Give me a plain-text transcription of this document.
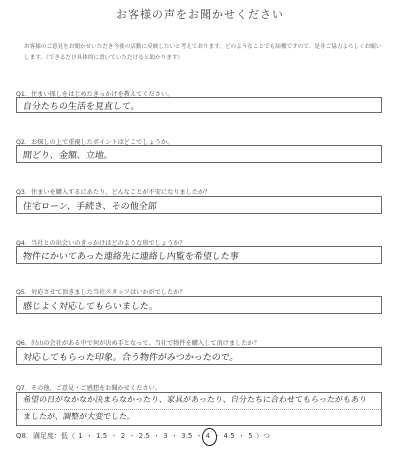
お客様の声をお聞かせください
お客様のご意見をお聞かせいただき今後の活動に反映したいと考えております。どのようなことでも結構ですので、是非ご協力よろしくお願いします。（できるだけ具体的に書いていただけると助かります）
Q1．住まい探しをはじめたきっかけを教えてください。
自分たちの生活を見直して。
Q2．お探しの上で重視したポイントはどこでしょうか。
間どり、金額、立地。
Q3．住まいを購入するにあたり、どんなことが不安になりましたか？
住宅ローン、手続き、その他全部
Q4．当社との出会いのきっかけはどのような形でしょうか？
物件にかいてあった連絡先に連絡し内覧を希望した事
Q5．対応させて頂きました当社スタッフはいかがでしたか？
感じよく対応してもらいました。
Q6．沢山の会社がある中で何が決め手となって、当社で物件を購入して頂けましたか？
対応してもらった印象。合う物件がみつかったので。
Q7．その他、ご意見・ご感想をお聞かせください。
希望の日がなかなか決まらなかったり、家具があったり、自分たちに合わせてもらったがもあり
ましたが、調整が大変でした。
Q8．満足度：低（ 1 ・ 1.5 ・ 2 ・ 2.5 ・ 3 ・ 3.5 ・ 4 ・ 4.5 ・ 5 ）つ
